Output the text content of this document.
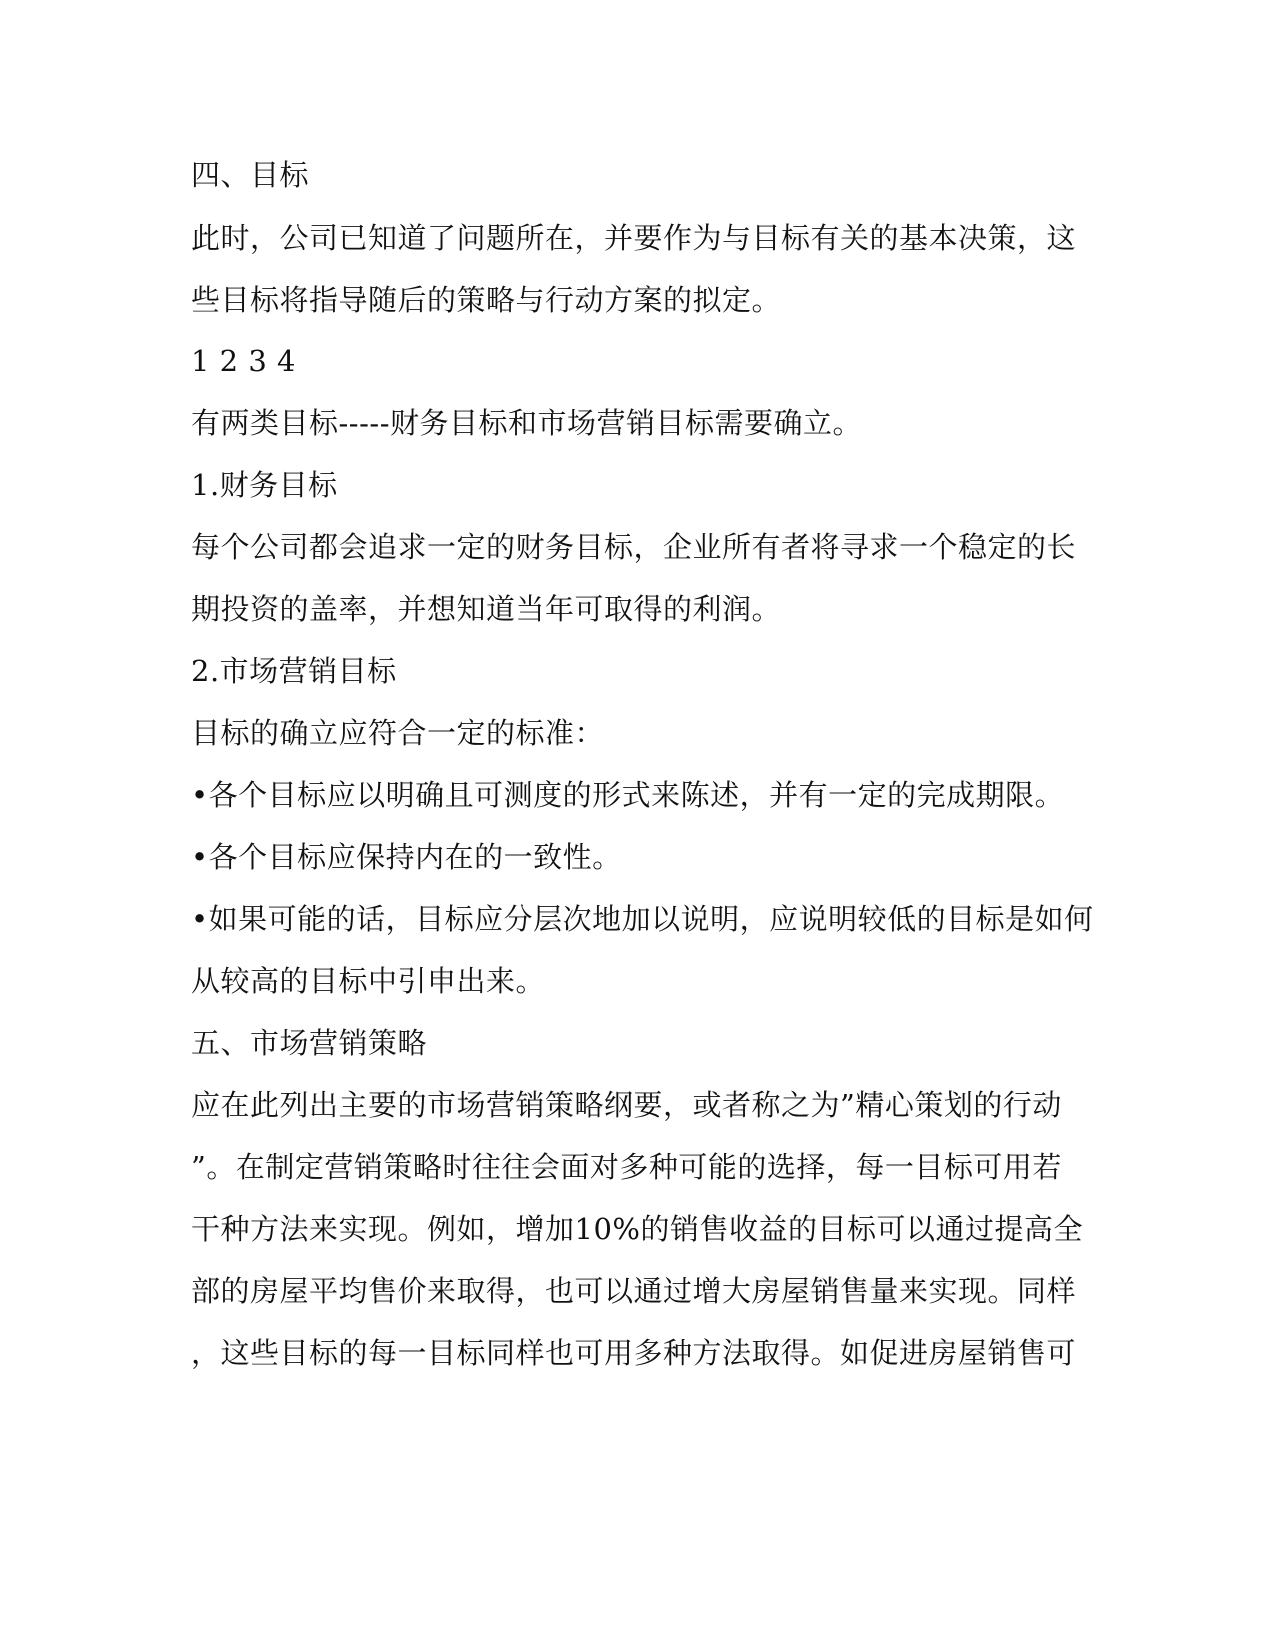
四、目标
此时，公司已知道了问题所在，并要作为与目标有关的基本决策，这
些目标将指导随后的策略与行动方案的拟定。
1 2 3 4
有两类目标-----财务目标和市场营销目标需要确立。
1.财务目标
每个公司都会追求一定的财务目标，企业所有者将寻求一个稳定的长
期投资的盖率，并想知道当年可取得的利润。
2.市场营销目标
目标的确立应符合一定的标准：
•各个目标应以明确且可测度的形式来陈述，并有一定的完成期限。
•各个目标应保持内在的一致性。
•如果可能的话，目标应分层次地加以说明，应说明较低的目标是如何
从较高的目标中引申出来。
五、市场营销策略
应在此列出主要的市场营销策略纲要，或者称之为”精心策划的行动
”。在制定营销策略时往往会面对多种可能的选择，每一目标可用若
干种方法来实现。例如，增加10%的销售收益的目标可以通过提高全
部的房屋平均售价来取得，也可以通过增大房屋销售量来实现。同样
，这些目标的每一目标同样也可用多种方法取得。如促进房屋销售可
